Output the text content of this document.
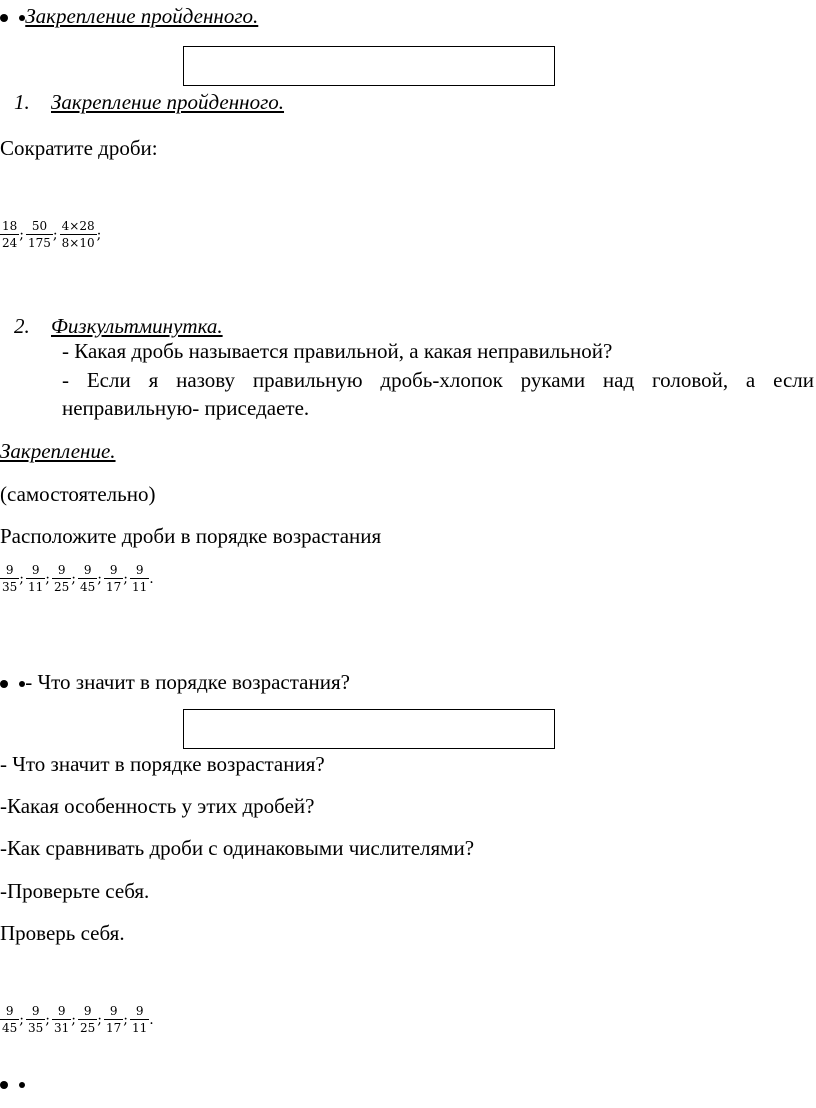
Закрепление пройденного.
1. Закрепление пройденного.
Сократите дроби:
$\frac{18}{24}$ ; $\frac{50}{175}$ ; $\frac{4\times 28}{8\times 10}$ ;
2. Физкультминутка.
- Какая дробь называется правильной, а какая неправильной?
- Если я назову правильную дробь-хлопок руками над головой, а если неправильную- приседаете.
Закрепление.
(самостоятельно)
Расположите дроби в порядке возрастания
$\frac{9}{35}$ ; $\frac{9}{11}$ ; $\frac{9}{25}$ ; $\frac{9}{45}$ ; $\frac{9}{17}$ ; $\frac{9}{11}$ .
- Что значит в порядке возрастания?
- Что значит в порядке возрастания?
-Какая особенность у этих дробей?
-Как сравнивать дроби с одинаковыми числителями?
-Проверьте себя.
Проверь себя.
$\frac{9}{45}$ ; $\frac{9}{35}$ ; $\frac{9}{31}$ ; $\frac{9}{25}$ ; $\frac{9}{17}$ ; $\frac{9}{11}$ .
